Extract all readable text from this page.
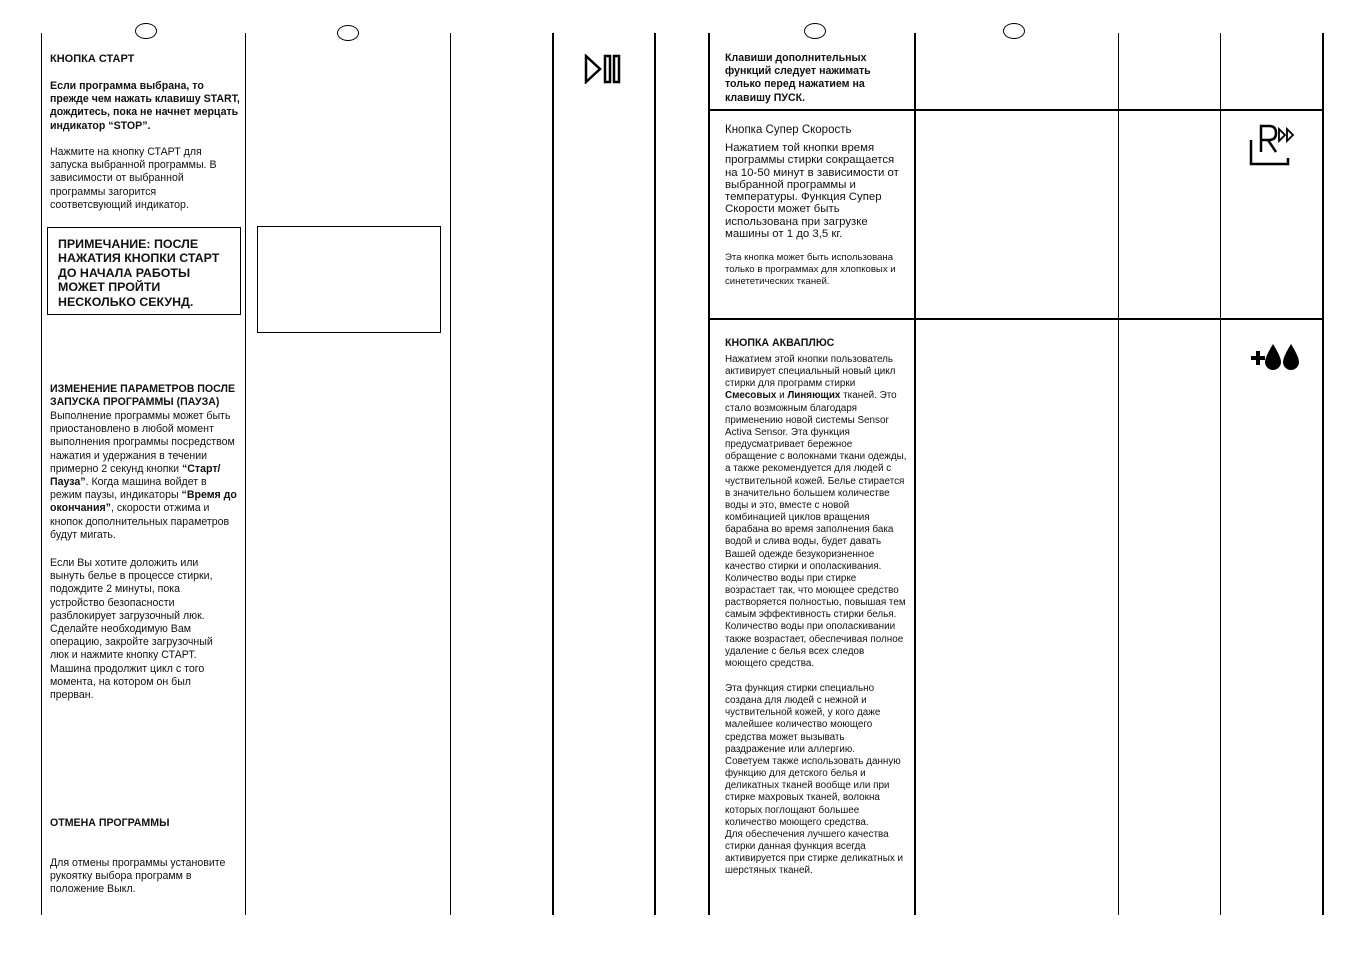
КНОПКА СТАРТ
Если программа выбрана, то прежде чем нажать клавишу START, дождитесь, пока не начнет мерцать индикатор “STOP”.
Нажмите на кнопку СТАРТ для запуска выбранной программы. В зависимости от выбранной программы загорится соответсвующий индикатор.
ПРИМЕЧАНИЕ: ПОСЛЕ НАЖАТИЯ КНОПКИ СТАРТ ДО НАЧАЛА РАБОТЫ МОЖЕТ ПРОЙТИ НЕСКОЛЬКО СЕКУНД.
ИЗМЕНЕНИЕ ПАРАМЕТРОВ ПОСЛЕ ЗАПУСКА ПРОГРАММЫ (ПАУЗА)
Выполнение программы может быть приостановлено в любой момент выполнения программы посредством нажатия и удержания в течении примерно 2 секунд кнопки “Старт/Пауза”. Когда машина войдет в режим паузы, индикаторы “Время до окончания”, скорости отжима и кнопок дополнительных параметров будут мигать.
Если Вы хотите доложить или вынуть белье в процессе стирки, подождите 2 минуты, пока устройство безопасности разблокирует загрузочный люк. Сделайте необходимую Вам операцию, закройте загрузочный люк и нажмите кнопку СТАРТ. Машина продолжит цикл с того момента, на котором он был прерван.
ОТМЕНА ПРОГРАММЫ
Для отмены программы установите рукоятку выбора программ в положение Выкл.
Клавиши дополнительных функций следует нажимать только перед нажатием на клавишу ПУСК.
Кнопка Супер Скорость
Нажатием той кнопки время программы стирки сокращается на 10-50 минут в зависимости от выбранной программы и температуры. Функция Супер Скорости может быть использована при загрузке машины от 1 до 3,5 кг.
Эта кнопка может быть использована только в программах для хлопковых и синететических тканей.
КНОПКА АКВАПЛЮС
Нажатием этой кнопки пользователь активирует специальный новый цикл стирки для программ стирки Смесовых и Линяющих тканей. Это стало возможным благодаря применению новой системы Sensor Activa Sensor. Эта функция предусматривает бережное обращение с волокнами ткани одежды, а также рекомендуется для людей с чуствительной кожей. Белье стирается в значительно большем количестве воды и это, вместе с новой комбинацией циклов вращения барабана во время заполнения бака водой и слива воды, будет давать Вашей одежде безукоризненное качество стирки и ополаскивания. Количество воды при стирке возрастает так, что моющее средство растворяется полностью, повышая тем самым эффективность стирки белья. Количество воды при ополаскивании также возрастает, обеспечивая полное удаление с белья всех следов моющего средства.
Эта функция стирки специально создана для людей с нежной и чуствительной кожей, у кого даже малейшее количество моющего средства может вызывать раздражение или аллергию.
Советуем также использовать данную функцию для детского белья и деликатных тканей вообще или при стирке махровых тканей, волокна которых поглощают большее количество моющего средства.
Для обеспечения лучшего качества стирки данная функция всегда активируется при стирке деликатных и шерстяных тканей.
